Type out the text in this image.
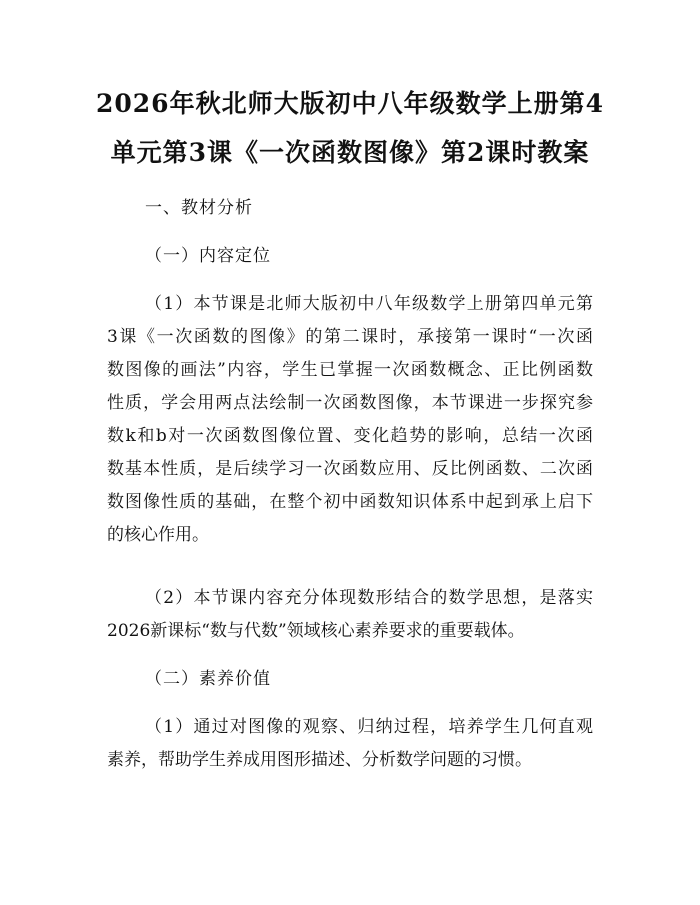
2026年秋北师大版初中八年级数学上册第4
单元第3课《一次函数图像》第2课时教案
一、教材分析
（一）内容定位
（1）本节课是北师大版初中八年级数学上册第四单元第
3课《一次函数的图像》的第二课时，承接第一课时“一次函
数图像的画法”内容，学生已掌握一次函数概念、正比例函数
性质，学会用两点法绘制一次函数图像，本节课进一步探究参
数k和b对一次函数图像位置、变化趋势的影响，总结一次函
数基本性质，是后续学习一次函数应用、反比例函数、二次函
数图像性质的基础，在整个初中函数知识体系中起到承上启下
的核心作用。
（2）本节课内容充分体现数形结合的数学思想，是落实
2026新课标“数与代数”领域核心素养要求的重要载体。
（二）素养价值
（1）通过对图像的观察、归纳过程，培养学生几何直观
素养，帮助学生养成用图形描述、分析数学问题的习惯。
